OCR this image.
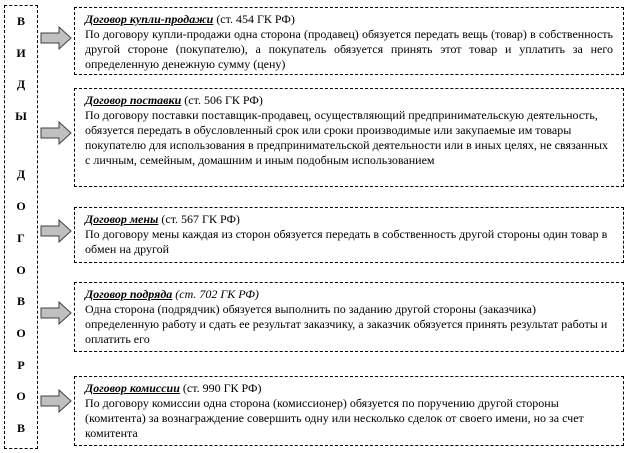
В
И
Д
Ы
Д
О
Г
О
В
О
Р
О
В

Договор купли-продажи (ст. 454 ГК РФ)

По договору купли-продажи одна сторона (продавец) обязуется передать вещь (товар) в собственность другой стороне (покупателю), а покупатель обязуется принять этот товар и уплатить за него определенную денежную сумму (цену)

Договор поставки (ст. 506 ГК РФ)

По договору поставки поставщик-продавец, осуществляющий предпринимательскую деятельность, обязуется передать в обусловленный срок или сроки производимые или закупаемые им товары покупателю для использования в предпринимательской деятельности или в иных целях, не связанных с личным, семейным, домашним и иным подобным использованием

Договор мены (ст. 567 ГК РФ)

По договору мены каждая из сторон обязуется передать в собственность другой стороны один товар в обмен на другой

Договор подряда (ст. 702 ГК РФ)

Одна сторона (подрядчик) обязуется выполнить по заданию другой стороны (заказчика) определенную работу и сдать ее результат заказчику, а заказчик обязуется принять результат работы и оплатить его

Договор комиссии (ст. 990 ГК РФ)

По договору комиссии одна сторона (комиссионер) обязуется по поручению другой стороны (комитента) за вознаграждение совершить одну или несколько сделок от своего имени, но за счет комитента
